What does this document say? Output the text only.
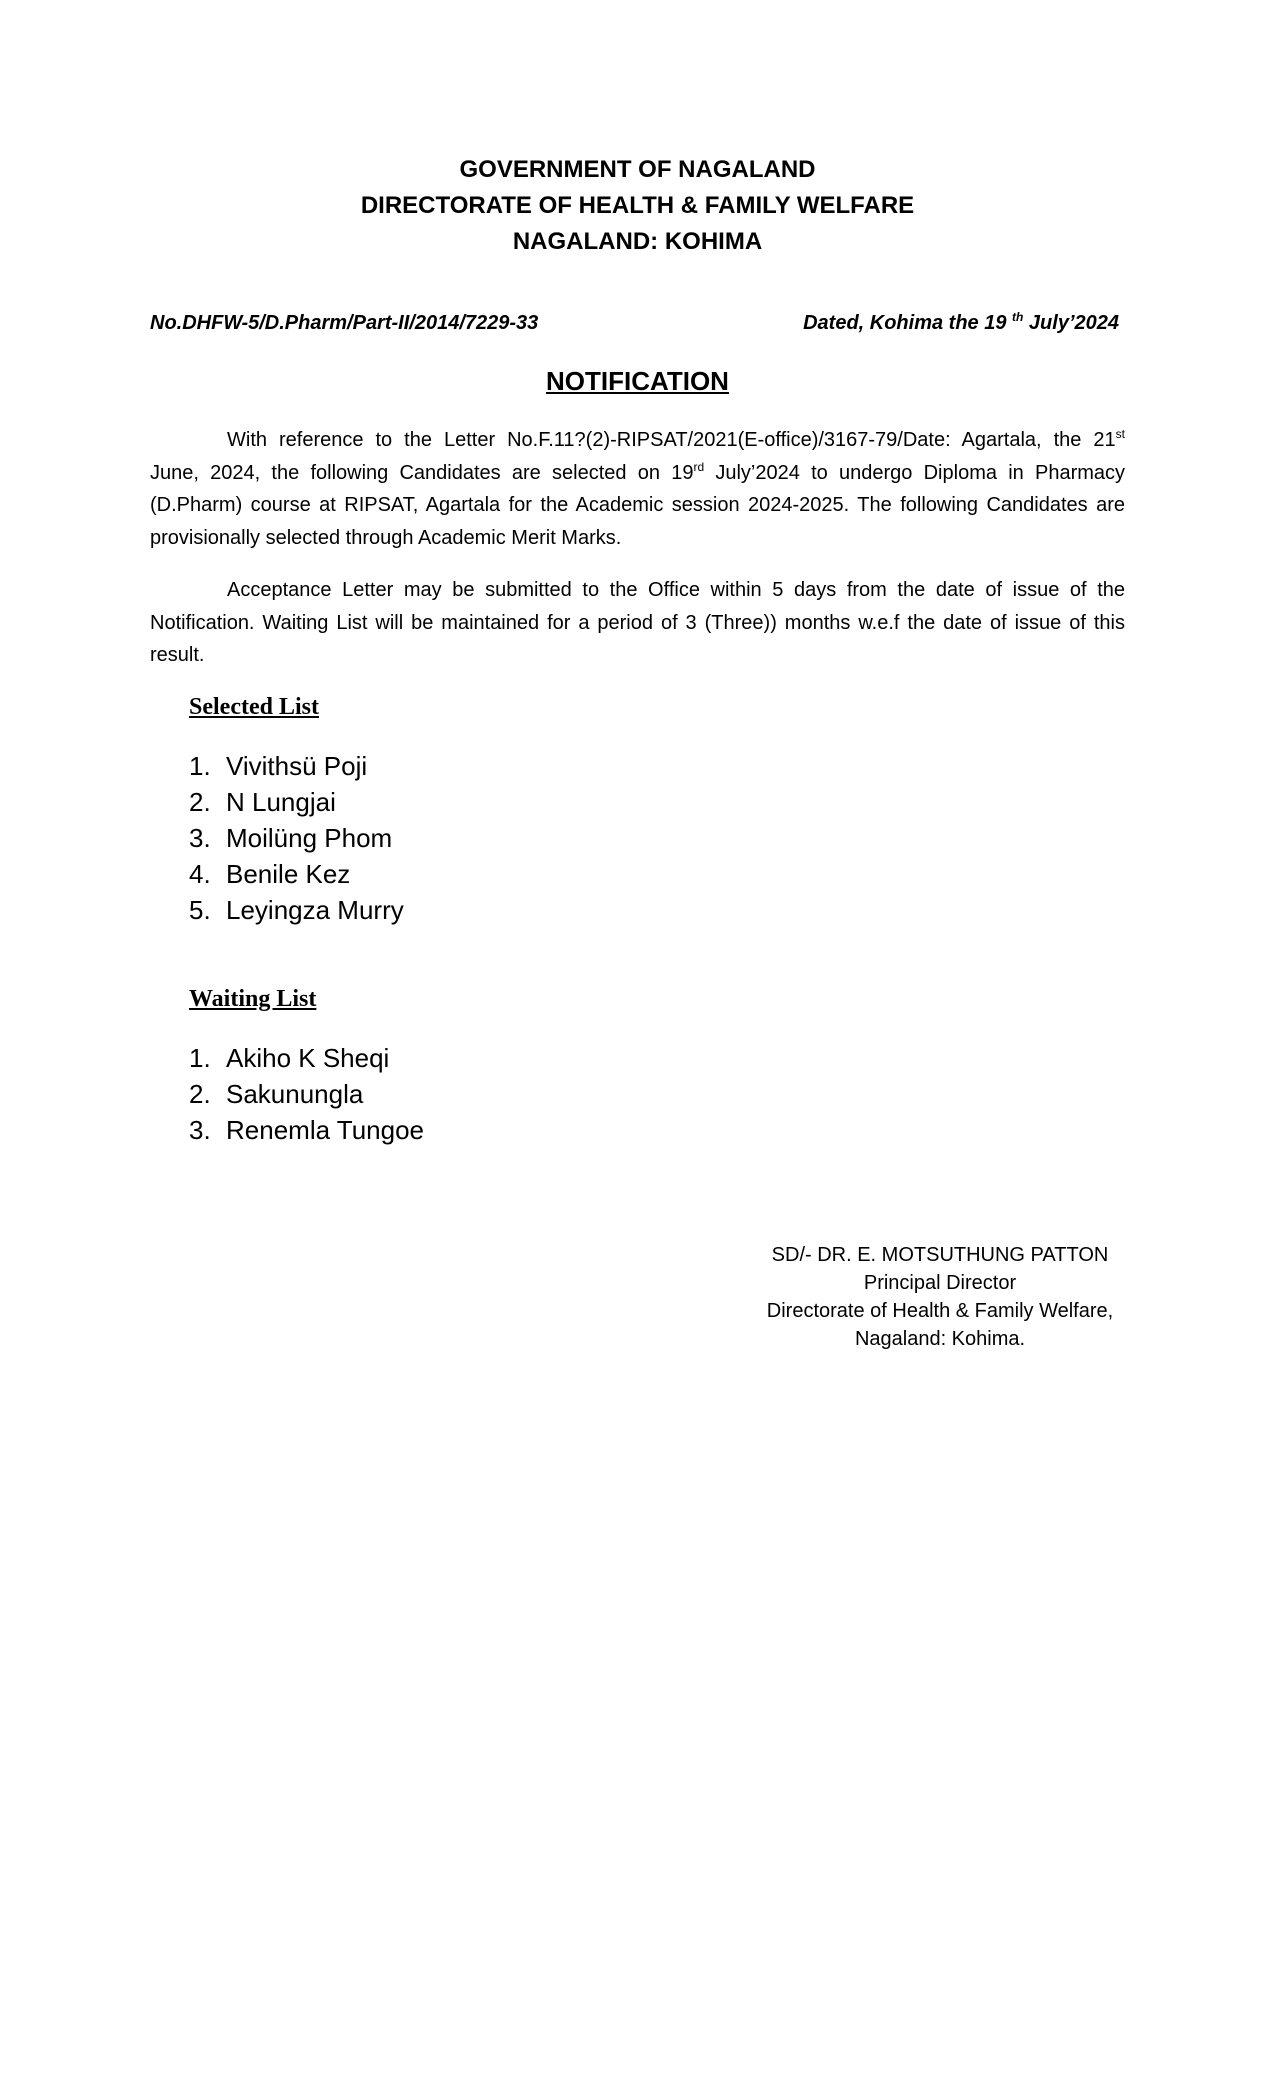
GOVERNMENT OF NAGALAND
DIRECTORATE OF HEALTH & FAMILY WELFARE
NAGALAND: KOHIMA
No.DHFW-5/D.Pharm/Part-II/2014/7229-33	Dated, Kohima the 19 $^{th}$ July’2024
NOTIFICATION
With reference to the Letter No.F.11?(2)-RIPSAT/2021(E-office)/3167-79/Date: Agartala, the 21st June, 2024, the following Candidates are selected on 19rd July’2024 to undergo Diploma in Pharmacy (D.Pharm) course at RIPSAT, Agartala for the Academic session 2024-2025. The following Candidates are provisionally selected through Academic Merit Marks.
Acceptance Letter may be submitted to the Office within 5 days from the date of issue of the Notification. Waiting List will be maintained for a period of 3 (Three)) months w.e.f the date of issue of this result.
Selected List
1. Vivithsü Poji
2. N Lungjai
3. Moilüng Phom
4. Benile Kez
5. Leyingza Murry
Waiting List
1. Akiho K Sheqi
2. Sakunungla
3. Renemla Tungoe
SD/- DR. E. MOTSUTHUNG PATTON
Principal Director
Directorate of Health & Family Welfare,
Nagaland: Kohima.
